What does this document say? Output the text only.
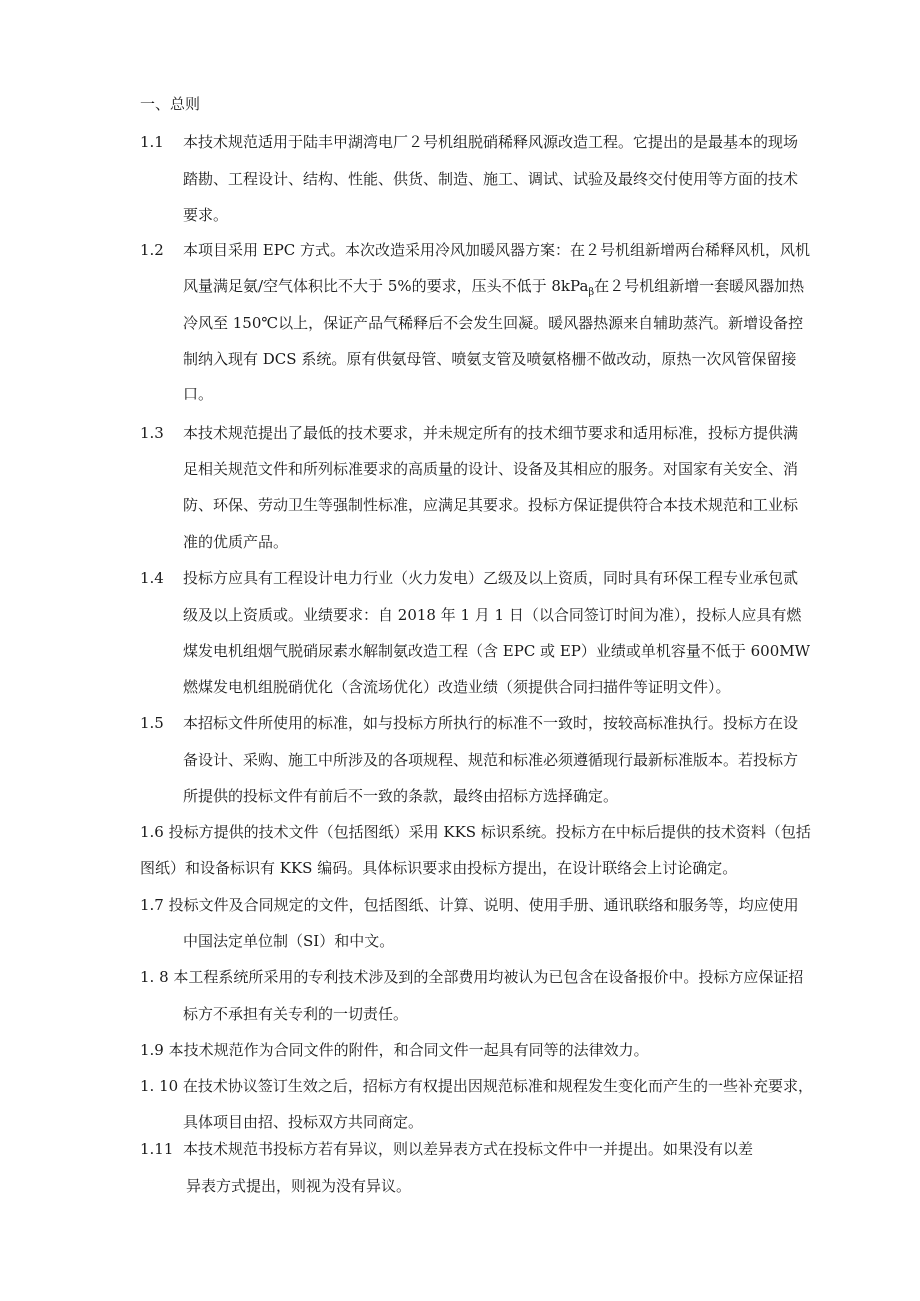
一、总则

1.1 本技术规范适用于陆丰甲湖湾电厂２号机组脱硝稀释风源改造工程。它提出的是最基本的现场

踏勘、工程设计、结构、性能、供货、制造、施工、调试、试验及最终交付使用等方面的技术

要求。

1.2 本项目采用 EPC 方式。本次改造采用冷风加暖风器方案：在２号机组新增两台稀释风机，风机

风量满足氨/空气体积比不大于 5%的要求，压头不低于 8kPa$_\beta$在２号机组新增一套暖风器加热

冷风至 150℃以上，保证产品气稀释后不会发生回凝。暖风器热源来自辅助蒸汽。新增设备控

制纳入现有 DCS 系统。原有供氨母管、喷氨支管及喷氨格栅不做改动，原热一次风管保留接

口。

1.3 本技术规范提出了最低的技术要求，并未规定所有的技术细节要求和适用标准，投标方提供满

足相关规范文件和所列标准要求的高质量的设计、设备及其相应的服务。对国家有关安全、消

防、环保、劳动卫生等强制性标准，应满足其要求。投标方保证提供符合本技术规范和工业标

准的优质产品。

1.4 投标方应具有工程设计电力行业（火力发电）乙级及以上资质，同时具有环保工程专业承包贰

级及以上资质或。业绩要求：自 2018 年 1 月 1 日（以合同签订时间为准），投标人应具有燃

煤发电机组烟气脱硝尿素水解制氨改造工程（含 EPC 或 EP）业绩或单机容量不低于 600MW

燃煤发电机组脱硝优化（含流场优化）改造业绩（须提供合同扫描件等证明文件）。

1.5 本招标文件所使用的标准，如与投标方所执行的标准不一致时，按较高标准执行。投标方在设

备设计、采购、施工中所涉及的各项规程、规范和标准必须遵循现行最新标准版本。若投标方

所提供的投标文件有前后不一致的条款，最终由招标方选择确定。

1.6 投标方提供的技术文件（包括图纸）采用 KKS 标识系统。投标方在中标后提供的技术资料（包括

图纸）和设备标识有 KKS 编码。具体标识要求由投标方提出，在设计联络会上讨论确定。

1.7 投标文件及合同规定的文件，包括图纸、计算、说明、使用手册、通讯联络和服务等，均应使用

中国法定单位制（SI）和中文。

1. 8 本工程系统所采用的专利技术涉及到的全部费用均被认为已包含在设备报价中。投标方应保证招

标方不承担有关专利的一切责任。

1.9 本技术规范作为合同文件的附件，和合同文件一起具有同等的法律效力。

1. 10 在技术协议签订生效之后，招标方有权提出因规范标准和规程发生变化而产生的一些补充要求，

具体项目由招、投标双方共同商定。

1.11 本技术规范书投标方若有异议，则以差异表方式在投标文件中一并提出。如果没有以差

异表方式提出，则视为没有异议。
